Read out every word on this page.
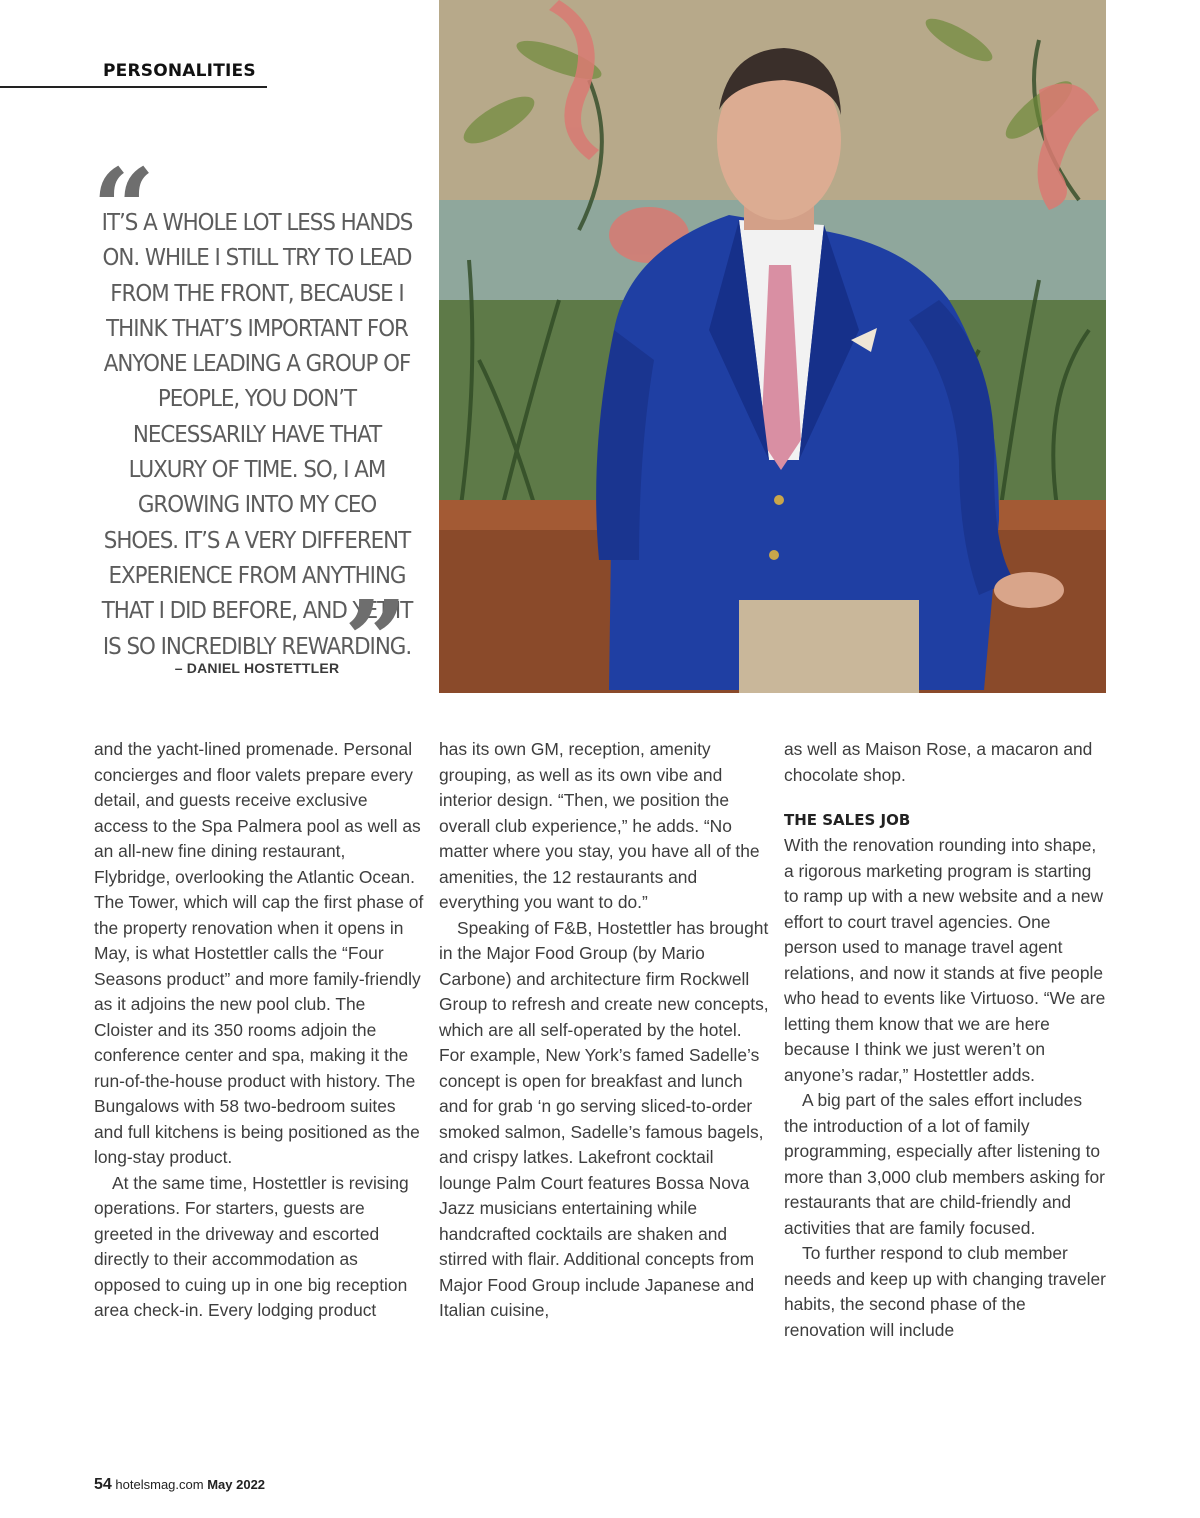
PERSONALITIES
“

IT’S A WHOLE LOT LESS HANDS ON. WHILE I STILL TRY TO LEAD FROM THE FRONT, BECAUSE I THINK THAT’S IMPORTANT FOR ANYONE LEADING A GROUP OF PEOPLE, YOU DON’T NECESSARILY HAVE THAT LUXURY OF TIME. SO, I AM GROWING INTO MY CEO SHOES. IT’S A VERY DIFFERENT EXPERIENCE FROM ANYTHING THAT I DID BEFORE, AND YET IT IS SO INCREDIBLY REWARDING.

”
– DANIEL HOSTETTLER

and the yacht-lined promenade. Personal concierges and floor valets prepare every detail, and guests receive exclusive access to the Spa Palmera pool as well as an all-new fine dining restaurant, Flybridge, overlooking the Atlantic Ocean. The Tower, which will cap the first phase of the property renovation when it opens in May, is what Hostettler calls the “Four Seasons product” and more family-friendly as it adjoins the new pool club. The Cloister and its 350 rooms adjoin the conference center and spa, making it the run-of-the-house product with history. The Bungalows with 58 two-bedroom suites and full kitchens is being positioned as the long-stay product.

At the same time, Hostettler is revising operations. For starters, guests are greeted in the driveway and escorted directly to their accommodation as opposed to cuing up in one big reception area check-in. Every lodging product

has its own GM, reception, amenity grouping, as well as its own vibe and interior design. “Then, we position the overall club experience,” he adds. “No matter where you stay, you have all of the amenities, the 12 restaurants and everything you want to do.”

Speaking of F&B, Hostettler has brought in the Major Food Group (by Mario Carbone) and architecture firm Rockwell Group to refresh and create new concepts, which are all self-operated by the hotel. For example, New York’s famed Sadelle’s concept is open for breakfast and lunch and for grab ‘n go serving sliced-to-order smoked salmon, Sadelle’s famous bagels, and crispy latkes. Lakefront cocktail lounge Palm Court features Bossa Nova Jazz musicians entertaining while handcrafted cocktails are shaken and stirred with flair. Additional concepts from Major Food Group include Japanese and Italian cuisine,

as well as Maison Rose, a macaron and chocolate shop.

THE SALES JOB

With the renovation rounding into shape, a rigorous marketing program is starting to ramp up with a new website and a new effort to court travel agencies. One person used to manage travel agent relations, and now it stands at five people who head to events like Virtuoso. “We are letting them know that we are here because I think we just weren’t on anyone’s radar,” Hostettler adds.

A big part of the sales effort includes the introduction of a lot of family programming, especially after listening to more than 3,000 club members asking for restaurants that are child-friendly and activities that are family focused.

To further respond to club member needs and keep up with changing traveler habits, the second phase of the renovation will include

54 hotelsmag.com May 2022
